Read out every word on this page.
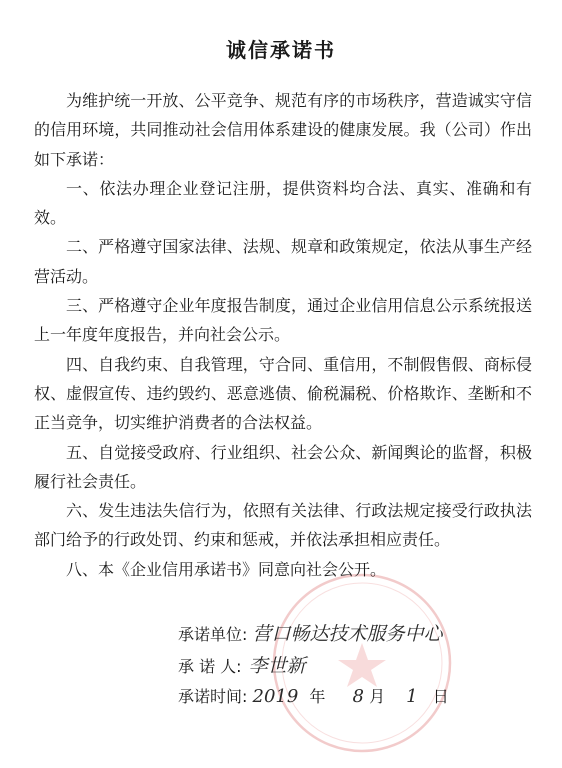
诚信承诺书

为维护统一开放、公平竞争、规范有序的市场秩序，营造诚实守信的信用环境，共同推动社会信用体系建设的健康发展。我（公司）作出如下承诺：

一、依法办理企业登记注册，提供资料均合法、真实、准确和有效。

二、严格遵守国家法律、法规、规章和政策规定，依法从事生产经营活动。

三、严格遵守企业年度报告制度，通过企业信用信息公示系统报送上一年度年度报告，并向社会公示。

四、自我约束、自我管理，守合同、重信用，不制假售假、商标侵权、虚假宣传、违约毁约、恶意逃债、偷税漏税、价格欺诈、垄断和不正当竞争，切实维护消费者的合法权益。

五、自觉接受政府、行业组织、社会公众、新闻舆论的监督，积极履行社会责任。

六、发生违法失信行为，依照有关法律、行政法规定接受行政执法部门给予的行政处罚、约束和惩戒，并依法承担相应责任。

八、本《企业信用承诺书》同意向社会公开。

承诺单位: 营口畅达技术服务中心
承 诺 人: 李世新
承诺时间: 2019 年 8 月 1 日
